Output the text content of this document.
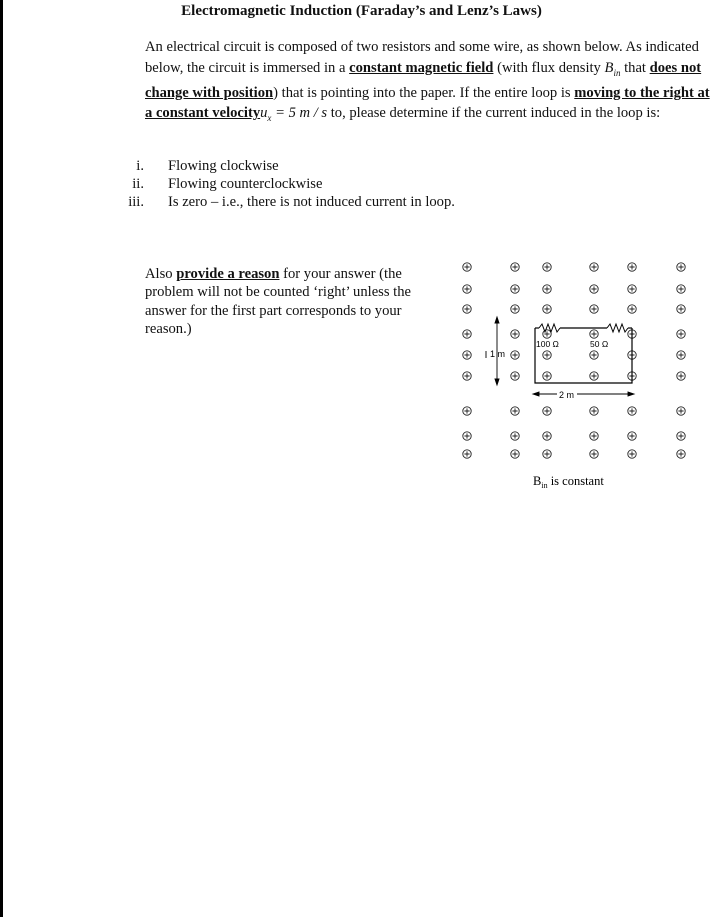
Electromagnetic Induction (Faraday’s and Lenz’s Laws)
An electrical circuit is composed of two resistors and some wire, as shown below. As indicated below, the circuit is immersed in a constant magnetic field (with flux density $B_{in}$ that does not change with position) that is pointing into the paper. If the entire loop is moving to the right at a constant velocityu$_x$ = 5 m / s to, please determine if the current induced in the loop is:
i. Flowing clockwise
ii. Flowing counterclockwise
iii. Is zero – i.e., there is not induced current in loop.
Also provide a reason for your answer (the problem will not be counted ‘right’ unless the answer for the first part corresponds to your reason.)
1 m
2 m
100 Ω	50 Ω
$B_{in}$ is constant
